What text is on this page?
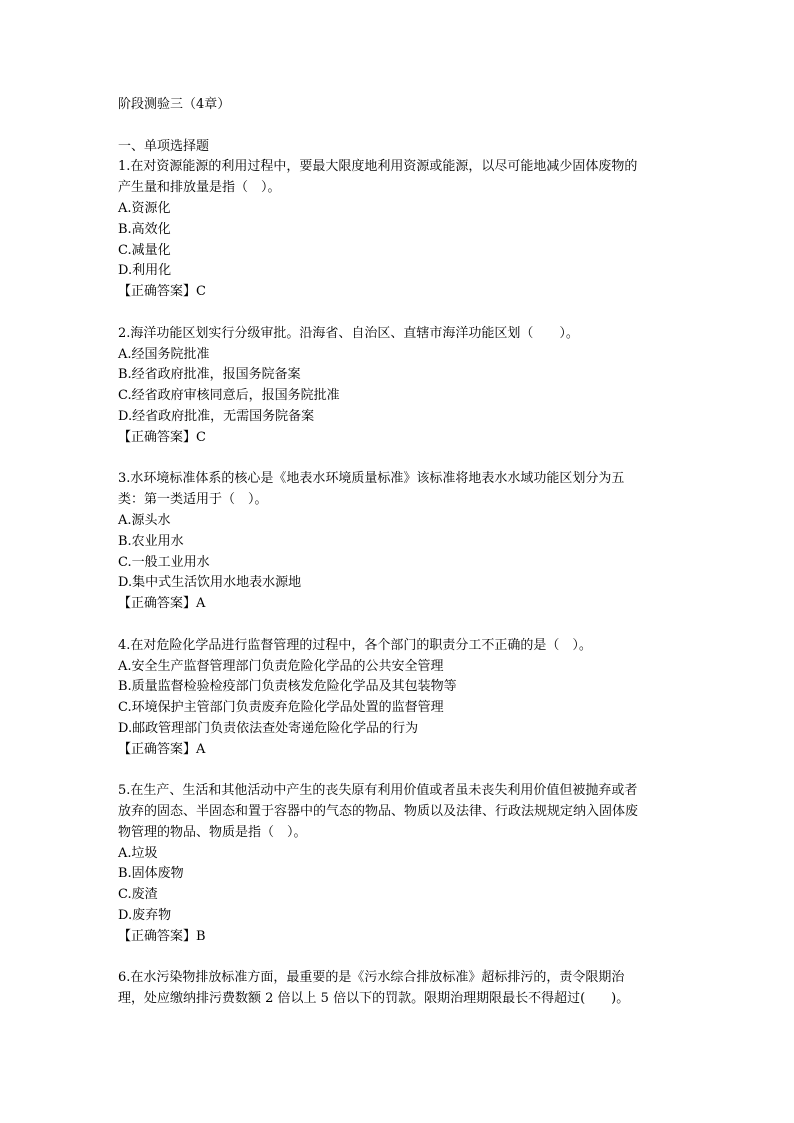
阶段测验三（4章）

一、单项选择题

1.在对资源能源的利用过程中，要最大限度地利用资源或能源，以尽可能地减少固体废物的

产生量和排放量是指（　）。

A.资源化

B.高效化

C.减量化

D.利用化

【正确答案】C

2.海洋功能区划实行分级审批。沿海省、自治区、直辖市海洋功能区划（　　）。

A.经国务院批准

B.经省政府批准，报国务院备案

C.经省政府审核同意后，报国务院批准

D.经省政府批准，无需国务院备案

【正确答案】C

3.水环境标准体系的核心是《地表水环境质量标准》该标准将地表水水域功能区划分为五

类：第一类适用于（　）。

A.源头水

B.农业用水

C.一般工业用水

D.集中式生活饮用水地表水源地

【正确答案】A

4.在对危险化学品进行监督管理的过程中，各个部门的职责分工不正确的是（　）。

A.安全生产监督管理部门负责危险化学品的公共安全管理

B.质量监督检验检疫部门负责核发危险化学品及其包装物等

C.环境保护主管部门负责废弃危险化学品处置的监督管理

D.邮政管理部门负责依法查处寄递危险化学品的行为

【正确答案】A

5.在生产、生活和其他活动中产生的丧失原有利用价值或者虽未丧失利用价值但被抛弃或者

放弃的固态、半固态和置于容器中的气态的物品、物质以及法律、行政法规规定纳入固体废

物管理的物品、物质是指（　）。

A.垃圾

B.固体废物

C.废渣

D.废弃物

【正确答案】B

6.在水污染物排放标准方面，最重要的是《污水综合排放标准》超标排污的，责令限期治

理，处应缴纳排污费数额 2 倍以上 5 倍以下的罚款。限期治理期限最长不得超过(　　)。
